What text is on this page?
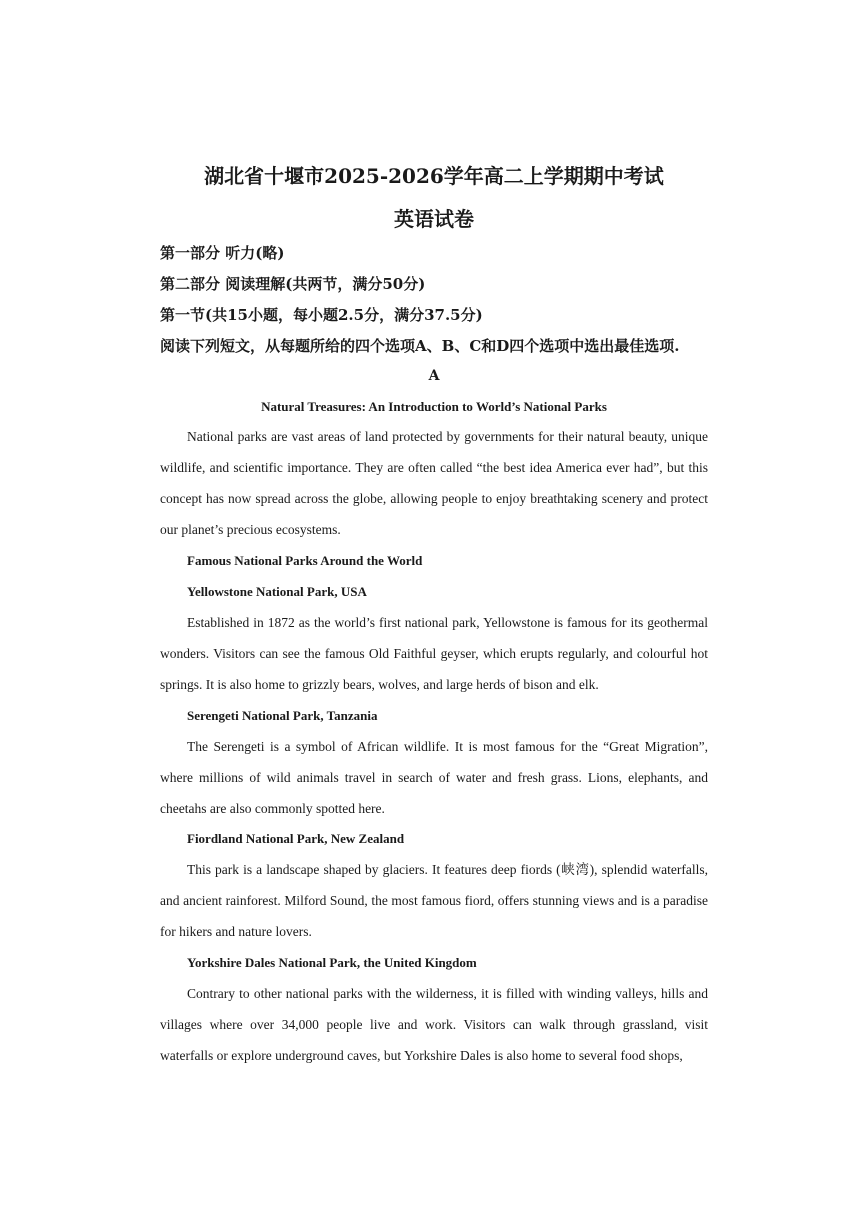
湖北省十堰市2025-2026学年高二上学期期中考试
英语试卷
第一部分 听力(略)
第二部分 阅读理解(共两节，满分50分)
第一节(共15小题，每小题2.5分，满分37.5分)
阅读下列短文，从每题所给的四个选项A、B、C和D四个选项中选出最佳选项.
A
Natural Treasures: An Introduction to World’s National Parks
National parks are vast areas of land protected by governments for their natural beauty, unique wildlife, and scientific importance. They are often called “the best idea America ever had”, but this concept has now spread across the globe, allowing people to enjoy breathtaking scenery and protect our planet’s precious ecosystems.
Famous National Parks Around the World
Yellowstone National Park, USA
Established in 1872 as the world’s first national park, Yellowstone is famous for its geothermal wonders. Visitors can see the famous Old Faithful geyser, which erupts regularly, and colourful hot springs. It is also home to grizzly bears, wolves, and large herds of bison and elk.
Serengeti National Park, Tanzania
The Serengeti is a symbol of African wildlife. It is most famous for the “Great Migration”, where millions of wild animals travel in search of water and fresh grass. Lions, elephants, and cheetahs are also commonly spotted here.
Fiordland National Park, New Zealand
This park is a landscape shaped by glaciers. It features deep fiords (峡湾), splendid waterfalls, and ancient rainforest. Milford Sound, the most famous fiord, offers stunning views and is a paradise for hikers and nature lovers.
Yorkshire Dales National Park, the United Kingdom
Contrary to other national parks with the wilderness, it is filled with winding valleys, hills and villages where over 34,000 people live and work. Visitors can walk through grassland, visit waterfalls or explore underground caves, but Yorkshire Dales is also home to several food shops,
